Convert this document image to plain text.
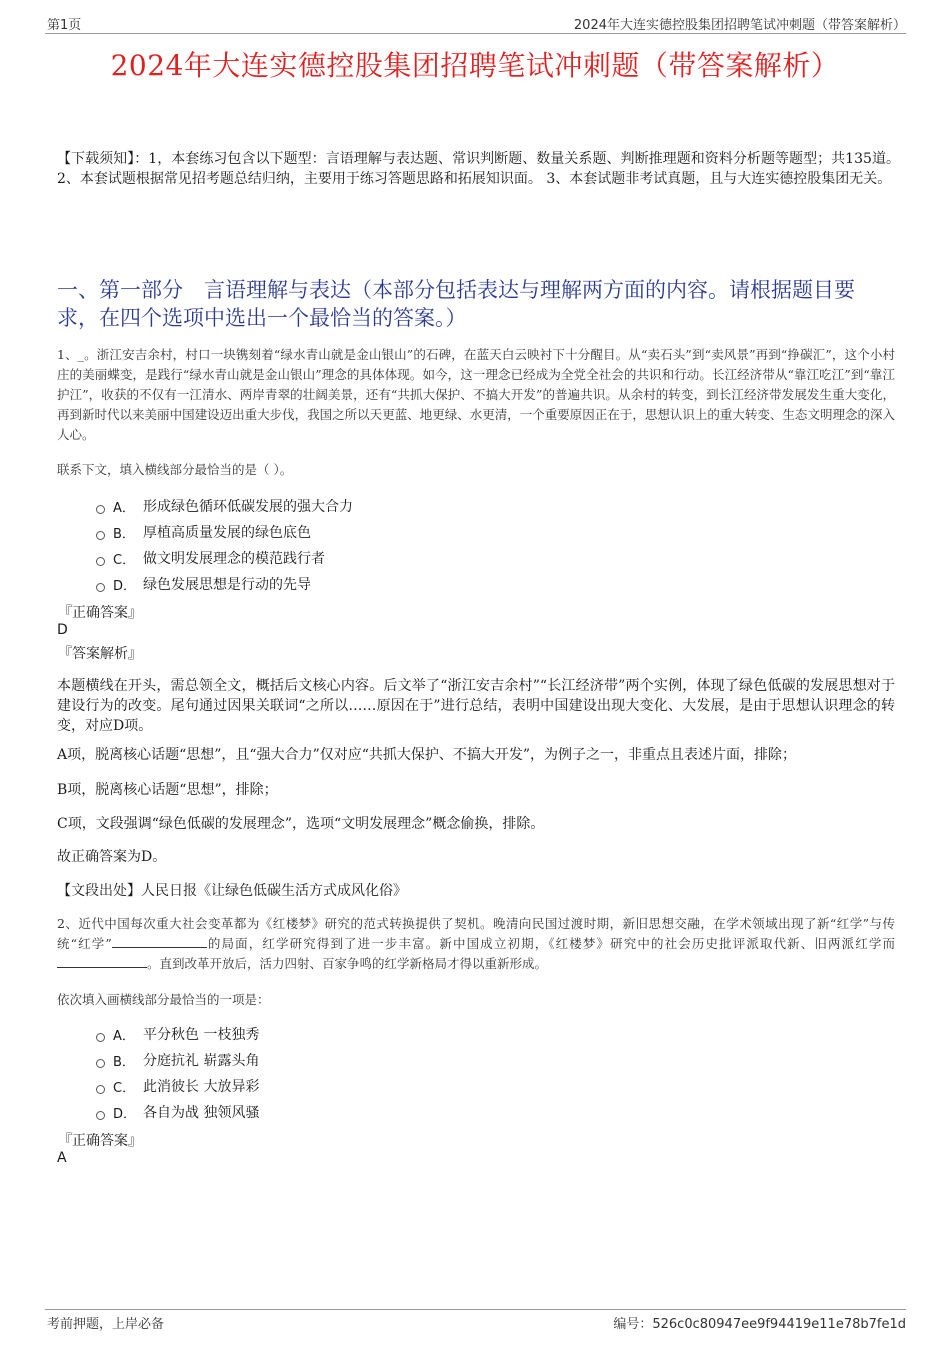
第1页	2024年大连实德控股集团招聘笔试冲刺题（带答案解析）
2024年大连实德控股集团招聘笔试冲刺题（带答案解析）
【下载须知】：1，本套练习包含以下题型：言语理解与表达题、常识判断题、数量关系题、判断推理题和资料分析题等题型；共135道。 2、本套试题根据常见招考题总结归纳，主要用于练习答题思路和拓展知识面。 3、本套试题非考试真题，且与大连实德控股集团无关。
一、第一部分　言语理解与表达（本部分包括表达与理解两方面的内容。请根据题目要求，在四个选项中选出一个最恰当的答案。）
1、_。浙江安吉余村，村口一块镌刻着“绿水青山就是金山银山”的石碑，在蓝天白云映衬下十分醒目。从“卖石头”到“卖风景”再到“挣碳汇”，这个小村庄的美丽蝶变，是践行“绿水青山就是金山银山”理念的具体体现。如今，这一理念已经成为全党全社会的共识和行动。长江经济带从“靠江吃江”到“靠江护江”，收获的不仅有一江清水、两岸青翠的壮阔美景，还有“共抓大保护、不搞大开发”的普遍共识。从余村的转变，到长江经济带发展发生重大变化，再到新时代以来美丽中国建设迈出重大步伐，我国之所以天更蓝、地更绿、水更清，一个重要原因正在于，思想认识上的重大转变、生态文明理念的深入人心。
联系下文，填入横线部分最恰当的是（ ）。
A． 形成绿色循环低碳发展的强大合力
B． 厚植高质量发展的绿色底色
C． 做文明发展理念的模范践行者
D． 绿色发展思想是行动的先导
『正确答案』
D
『答案解析』
本题横线在开头，需总领全文，概括后文核心内容。后文举了“浙江安吉余村”“长江经济带”两个实例，体现了绿色低碳的发展思想对于建设行为的改变。尾句通过因果关联词“之所以……原因在于”进行总结，表明中国建设出现大变化、大发展，是由于思想认识理念的转变，对应D项。
A项，脱离核心话题“思想”，且“强大合力”仅对应“共抓大保护、不搞大开发”，为例子之一，非重点且表述片面，排除；
B项，脱离核心话题“思想”，排除；
C项，文段强调“绿色低碳的发展理念”，选项“文明发展理念”概念偷换，排除。
故正确答案为D。
【文段出处】人民日报《让绿色低碳生活方式成风化俗》
2、近代中国每次重大社会变革都为《红楼梦》研究的范式转换提供了契机。晚清向民国过渡时期，新旧思想交融，在学术领域出现了新“红学”与传统“红学”	的局面，红学研究得到了进一步丰富。新中国成立初期，《红楼梦》研究中的社会历史批评派取代新、旧两派红学而。直到改革开放后，活力四射、百家争鸣的红学新格局才得以重新形成。
依次填入画横线部分最恰当的一项是：
A． 平分秋色 一枝独秀
B． 分庭抗礼 崭露头角
C． 此消彼长 大放异彩
D． 各自为战 独领风骚
『正确答案』
A
考前押题，上岸必备	编号：526c0c80947ee9f94419e11e78b7fe1d
